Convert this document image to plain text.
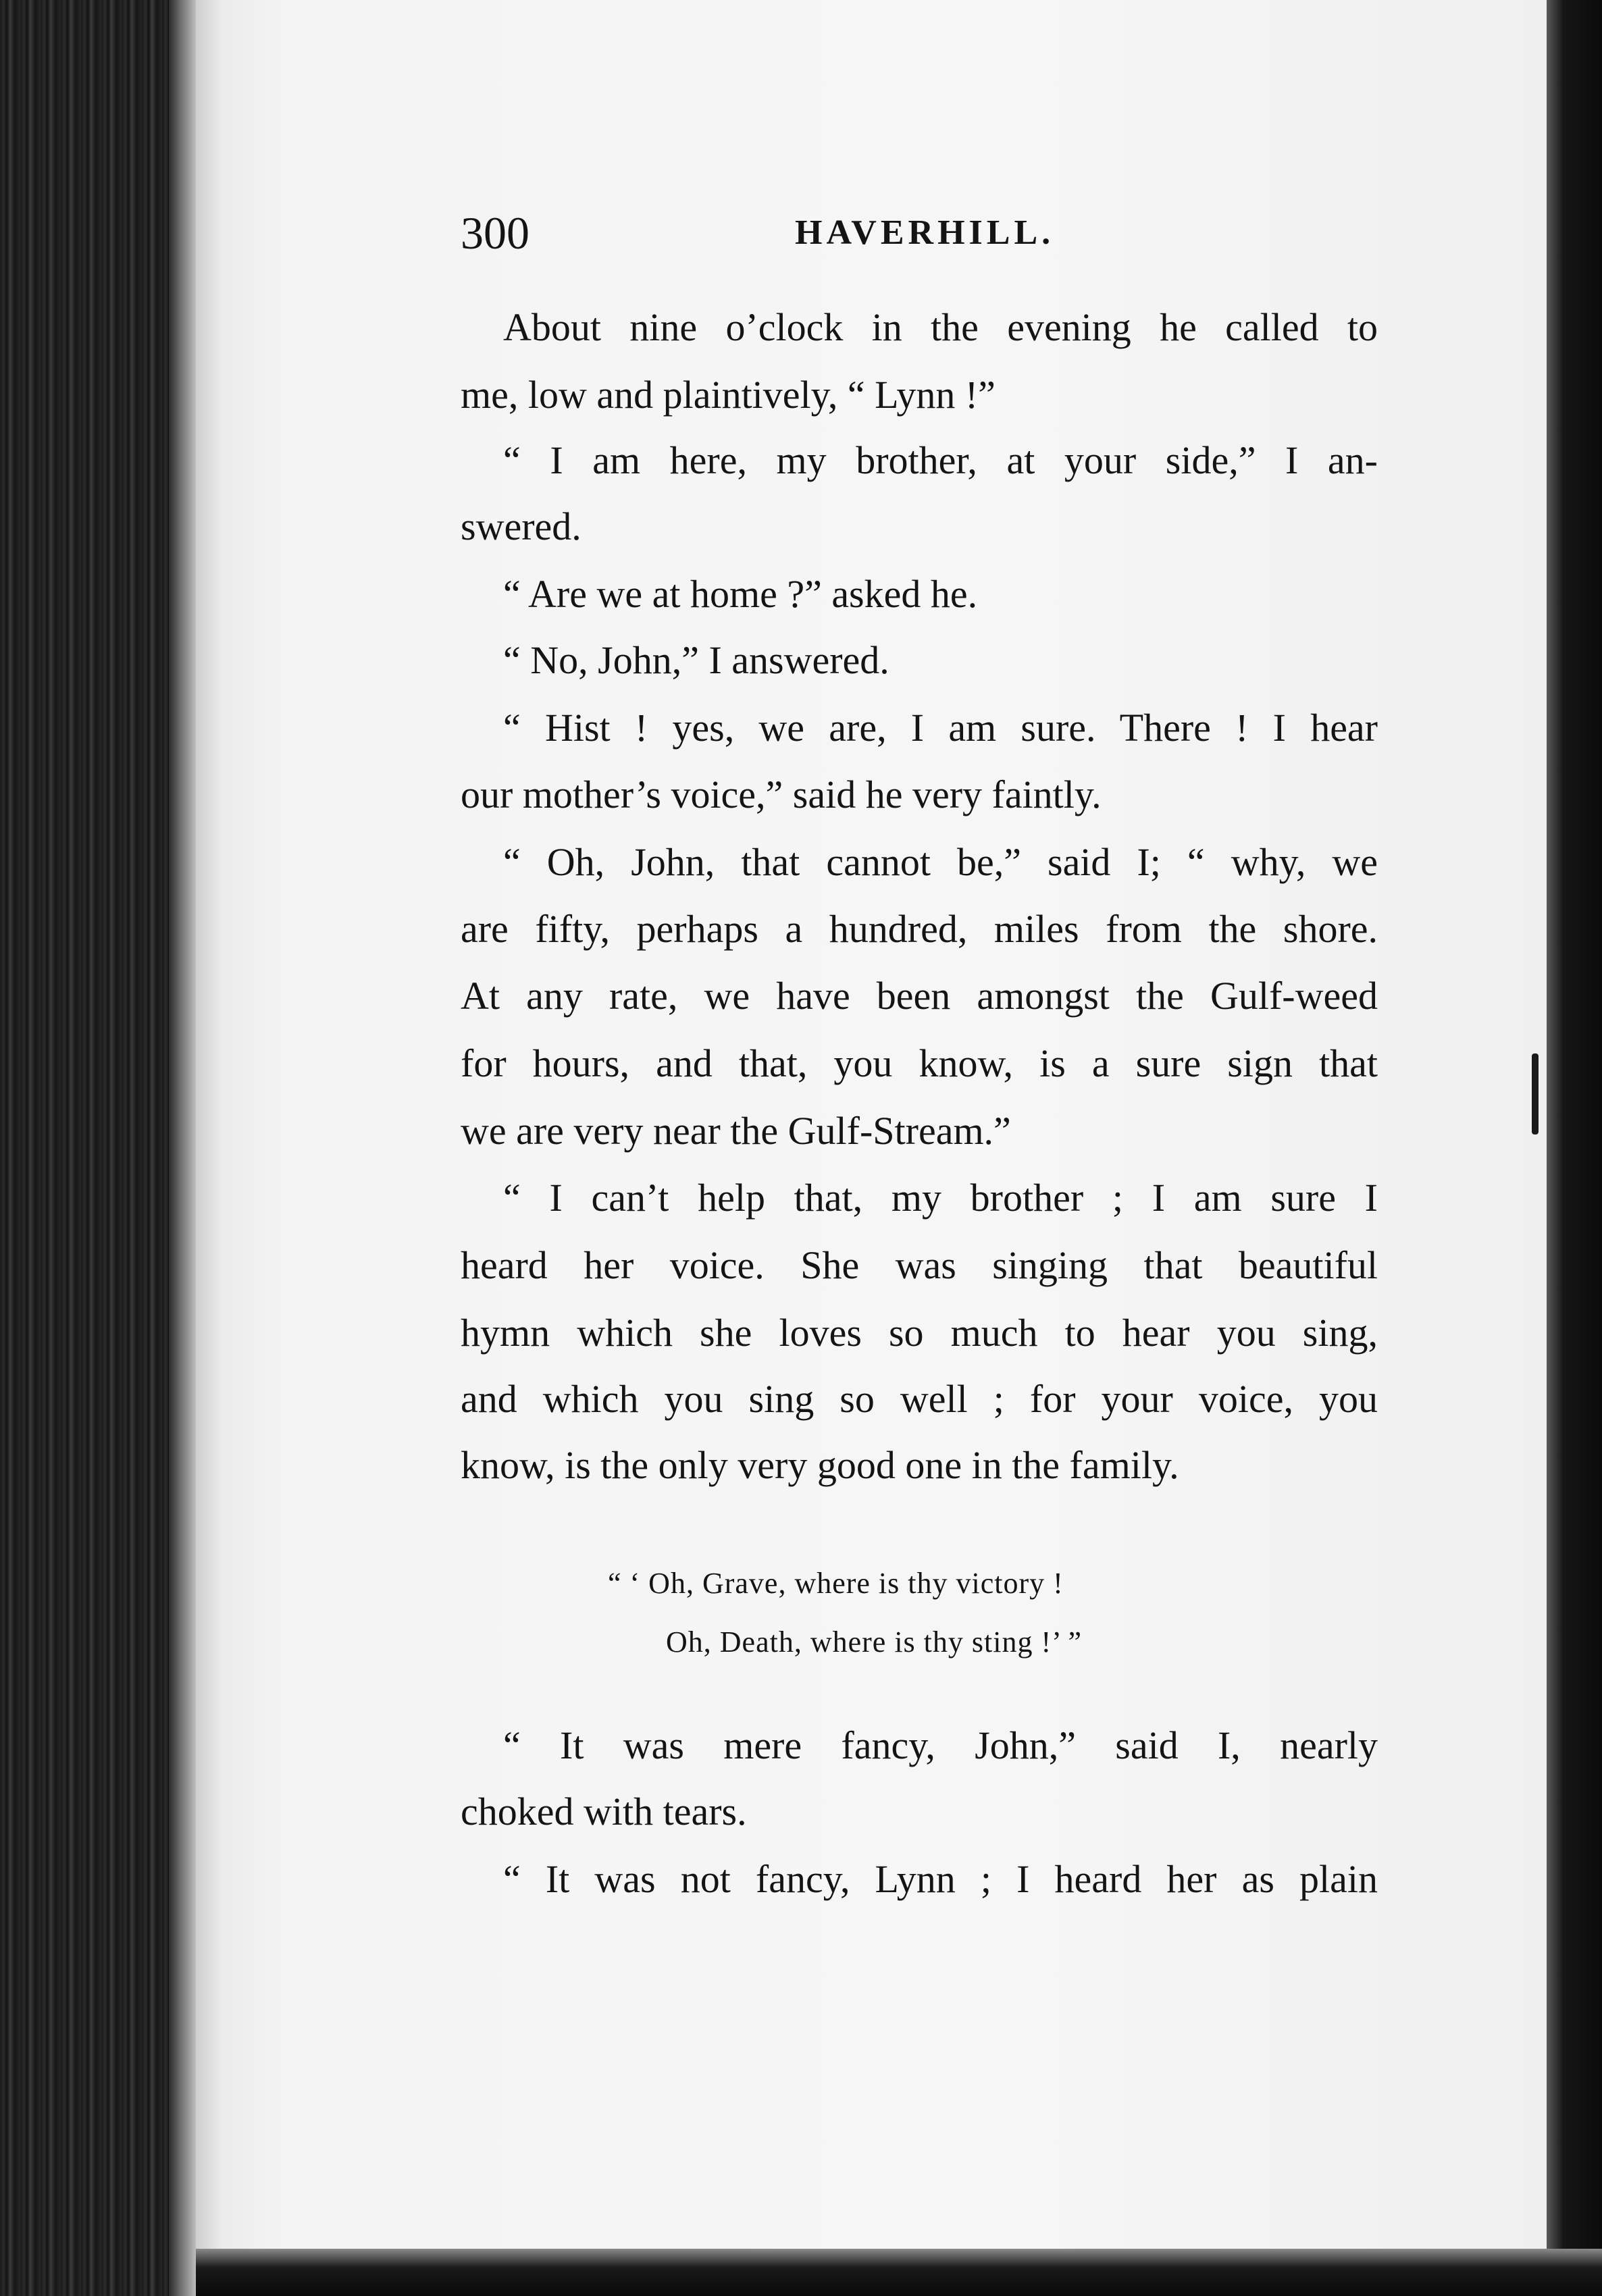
300	HAVERHILL.
About nine o’clock in the evening he called to
me, low and plaintively, “ Lynn !”
“ I am here, my brother, at your side,” I an-
swered.
“ Are we at home ?” asked he.
“ No, John,” I answered.
“ Hist ! yes, we are, I am sure. There ! I hear
our mother’s voice,” said he very faintly.
“ Oh, John, that cannot be,” said I; “ why, we
are fifty, perhaps a hundred, miles from the shore.
At any rate, we have been amongst the Gulf-weed
for hours, and that, you know, is a sure sign that
we are very near the Gulf-Stream.”
“ I can’t help that, my brother ; I am sure I
heard her voice. She was singing that beautiful
hymn which she loves so much to hear you sing,
and which you sing so well ; for your voice, you
know, is the only very good one in the family.
“ ‘ Oh, Grave, where is thy victory !
Oh, Death, where is thy sting !’ ”
“ It was mere fancy, John,” said I, nearly
choked with tears.
“ It was not fancy, Lynn ; I heard her as plain
